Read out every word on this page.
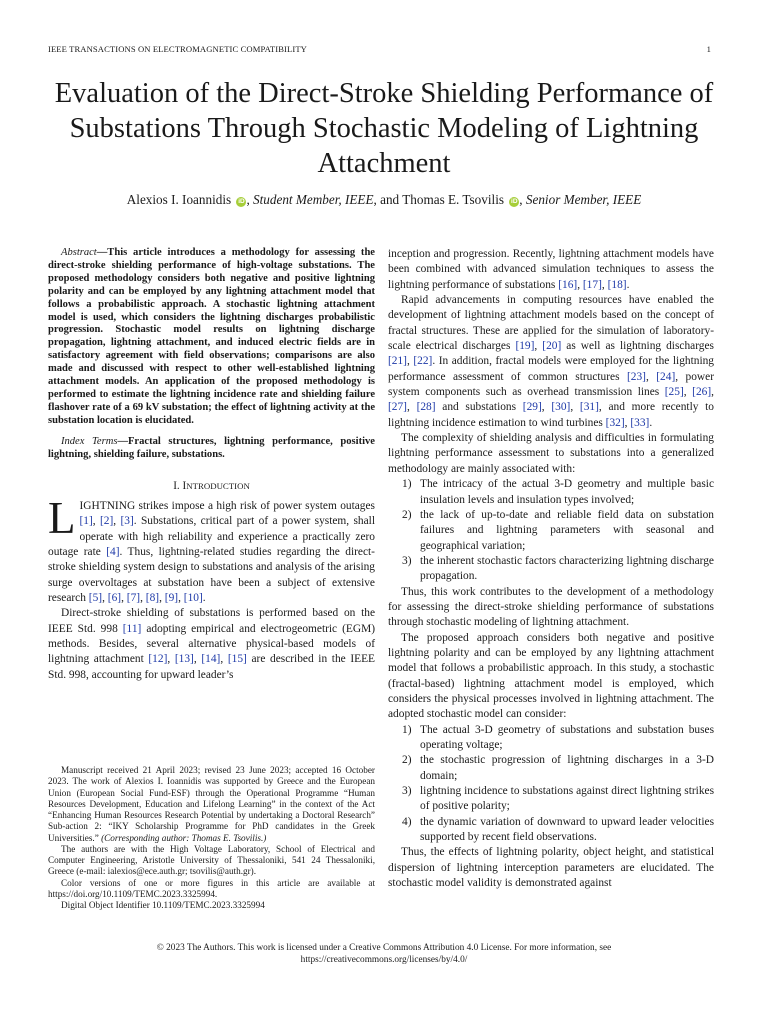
IEEE TRANSACTIONS ON ELECTROMAGNETIC COMPATIBILITY	1
Evaluation of the Direct-Stroke Shielding Performance of Substations Through Stochastic Modeling of Lightning Attachment
Alexios I. Ioannidis iD , Student Member, IEEE, and Thomas E. Tsovilis iD , Senior Member, IEEE

Abstract—This article introduces a methodology for assessing the direct-stroke shielding performance of high-voltage substations. The proposed methodology considers both negative and positive lightning polarity and can be employed by any lightning attachment model that follows a probabilistic approach. A stochastic lightning attachment model is used, which considers the lightning discharges probabilistic progression. Stochastic model results on lightning discharge propagation, lightning attachment, and induced electric fields are in satisfactory agreement with field observations; comparisons are also made and discussed with respect to other well-established lightning attachment models. An application of the proposed methodology is performed to estimate the lightning incidence rate and shielding failure flashover rate of a 69 kV substation; the effect of lightning activity at the substation location is elucidated.

Index Terms—Fractal structures, lightning performance, positive lightning, shielding failure, substations.

I. INTRODUCTION

LIGHTNING strikes impose a high risk of power system outages [1], [2], [3]. Substations, critical part of a power system, shall operate with high reliability and experience a practically zero outage rate [4]. Thus, lightning-related studies regarding the direct-stroke shielding system design to substations and analysis of the arising surge overvoltages at substation have been a subject of extensive research [5], [6], [7], [8], [9], [10].

Direct-stroke shielding of substations is performed based on the IEEE Std. 998 [11] adopting empirical and electrogeometric (EGM) methods. Besides, several alternative physical-based models of lightning attachment [12], [13], [14], [15] are described in the IEEE Std. 998, accounting for upward leader’s

Manuscript received 21 April 2023; revised 23 June 2023; accepted 16 October 2023. The work of Alexios I. Ioannidis was supported by Greece and the European Union (European Social Fund-ESF) through the Operational Programme “Human Resources Development, Education and Lifelong Learning” in the context of the Act “Enhancing Human Resources Research Potential by undertaking a Doctoral Research” Sub-action 2: “IKY Scholarship Programme for PhD candidates in the Greek Universities.” (Corresponding author: Thomas E. Tsovilis.)

The authors are with the High Voltage Laboratory, School of Electrical and Computer Engineering, Aristotle University of Thessaloniki, 541 24 Thessaloniki, Greece (e-mail: ialexios@ece.auth.gr; tsovilis@auth.gr).

Color versions of one or more figures in this article are available at https://doi.org/10.1109/TEMC.2023.3325994.

Digital Object Identifier 10.1109/TEMC.2023.3325994

inception and progression. Recently, lightning attachment models have been combined with advanced simulation techniques to assess the lightning performance of substations [16], [17], [18].

Rapid advancements in computing resources have enabled the development of lightning attachment models based on the concept of fractal structures. These are applied for the simulation of laboratory-scale electrical discharges [19], [20] as well as lightning discharges [21], [22]. In addition, fractal models were employed for the lightning performance assessment of common structures [23], [24], power system components such as overhead transmission lines [25], [26], [27], [28] and substations [29], [30], [31], and more recently to lightning incidence estimation to wind turbines [32], [33].

The complexity of shielding analysis and difficulties in formulating lightning performance assessment to substations into a generalized methodology are mainly associated with:

1) The intricacy of the actual 3-D geometry and multiple basic insulation levels and insulation types involved;
2) the lack of up-to-date and reliable field data on substation failures and lightning parameters with seasonal and geographical variation;
3) the inherent stochastic factors characterizing lightning discharge propagation.

Thus, this work contributes to the development of a methodology for assessing the direct-stroke shielding performance of substations through stochastic modeling of lightning attachment.

The proposed approach considers both negative and positive lightning polarity and can be employed by any lightning attachment model that follows a probabilistic approach. In this study, a stochastic (fractal-based) lightning attachment model is employed, which considers the physical processes involved in lightning attachment. The adopted stochastic model can consider:

1) The actual 3-D geometry of substations and substation buses operating voltage;
2) the stochastic progression of lightning discharges in a 3-D domain;
3) lightning incidence to substations against direct lightning strikes of positive polarity;
4) the dynamic variation of downward to upward leader velocities supported by recent field observations.

Thus, the effects of lightning polarity, object height, and statistical dispersion of lightning interception parameters are elucidated. The stochastic model validity is demonstrated against

© 2023 The Authors. This work is licensed under a Creative Commons Attribution 4.0 License. For more information, see
https://creativecommons.org/licenses/by/4.0/
